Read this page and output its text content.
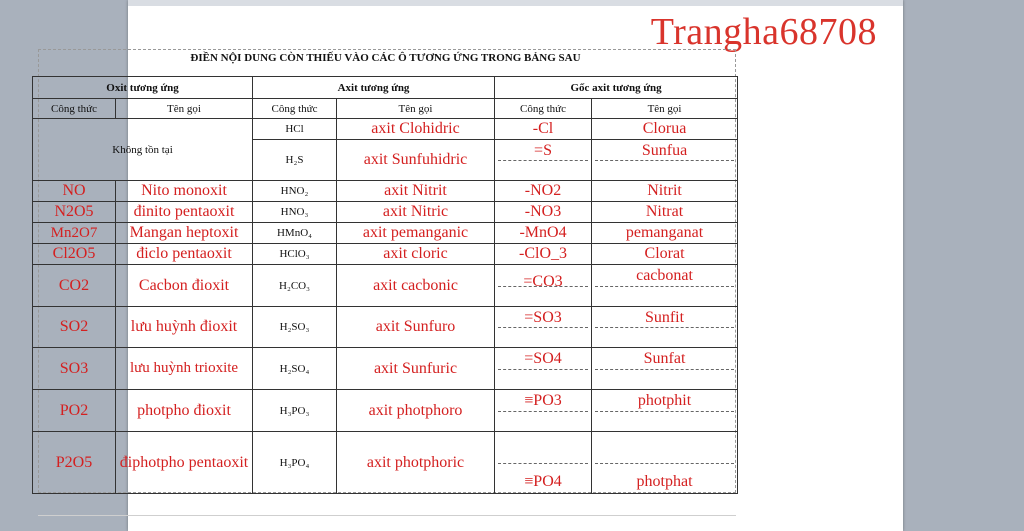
Trangha68708
ĐIỀN NỘI DUNG CÒN THIẾU VÀO CÁC Ô TƯƠNG ỨNG TRONG BẢNG SAU
Oxit tương ứng		Axit tương ứng		Gốc axit tương ứng	
Công thức	Tên gọi	Công thức	Tên gọi	Công thức	Tên gọi
Không tồn tại		HCl	axit Clohidric	-Cl	Clorua
		H₂S	axit Sunfuhidric	=S	Sunfua

NO	Nito monoxit	HNO₂	axit Nitrit	-NO2	Nitrit
N2O5	đinito pentaoxit	HNO₃	axit Nitric	-NO3	Nitrat
Mn2O7	Mangan heptoxit	HMnO₄	axit pemanganic	-MnO4	pemanganat
Cl2O5	điclo pentaoxit	HClO₃	axit cloric	-ClO_3	Clorat
CO2	Cacbon đioxit	H₂CO₃	axit cacbonic	=CO3	cacbonat

SO2	lưu huỳnh đioxit	H₂SO₃	axit Sunfuro	=SO3	Sunfit

SO3	lưu huỳnh trioxite	H₂SO₄	axit Sunfuric	=SO4	Sunfat

PO2	photpho đioxit	H₃PO₃	axit photphoro	≡PO3	photphit

P2O5	điphotpho pentaoxit	H₃PO₄	axit photphoric	≡PO4	photphat
